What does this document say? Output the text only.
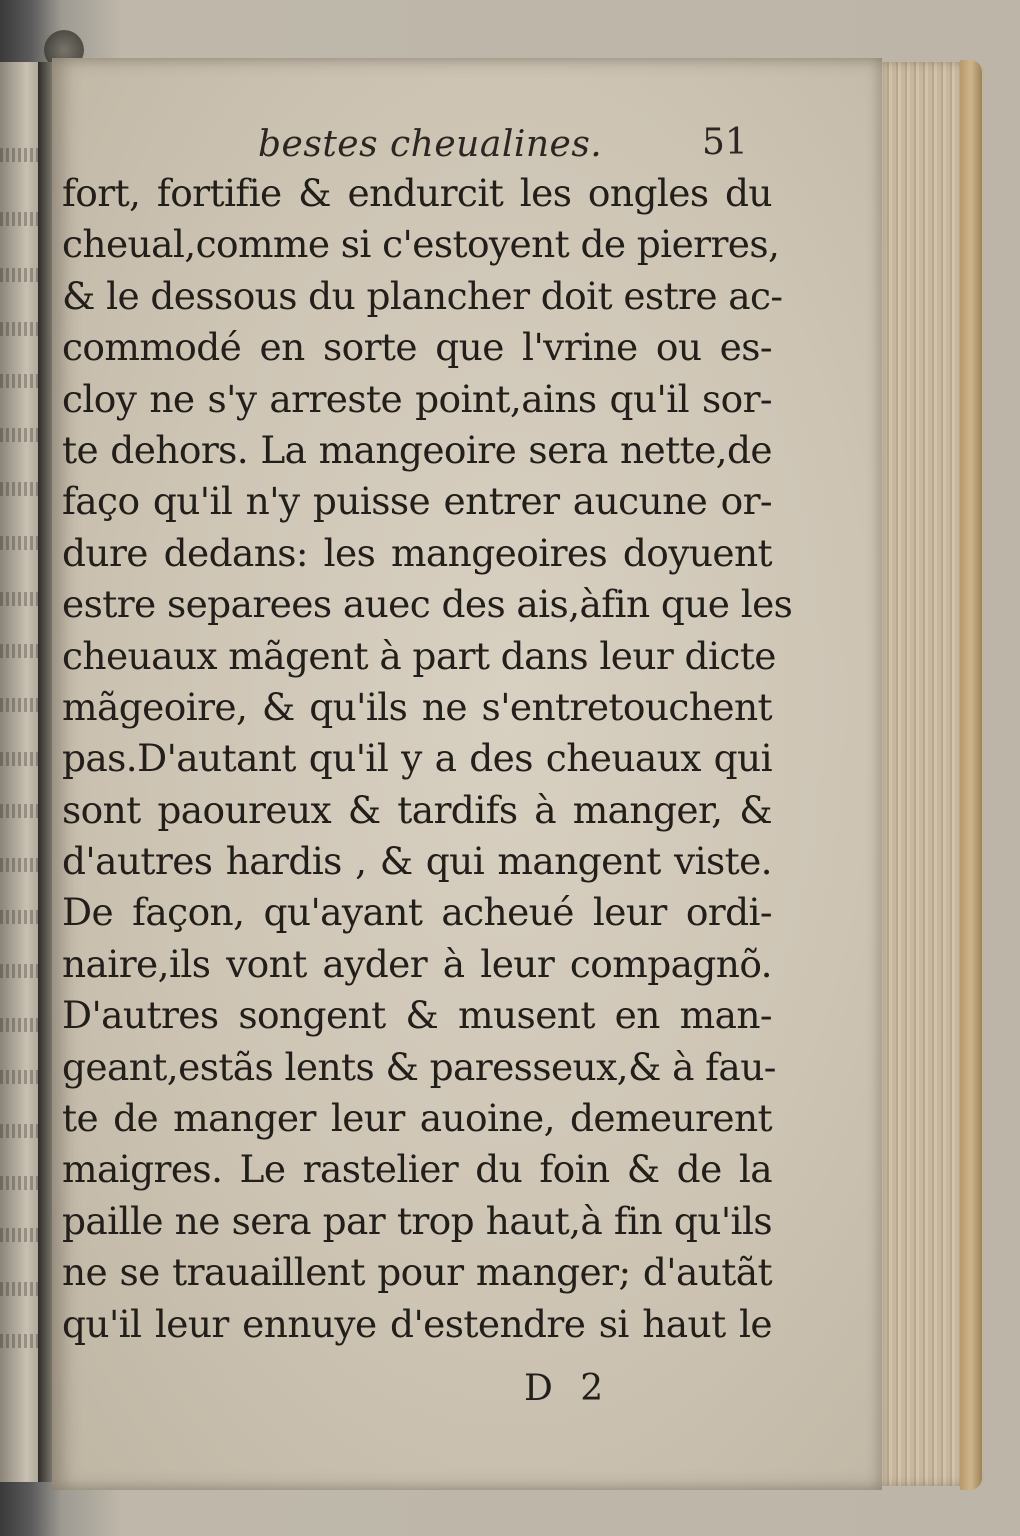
bestes cheualines.	51
fort, fortifie & endurcit les ongles du
cheual,comme si c'estoyent de pierres,
& le dessous du plancher doit estre ac-
commodé en sorte que l'vrine ou es-
cloy ne s'y arreste point,ains qu'il sor-
te dehors. La mangeoire sera nette,de
faço qu'il n'y puisse entrer aucune or-
dure dedans: les mangeoires doyuent
estre separees auec des ais,àfin que les
cheuaux mãgent à part dans leur dicte
mãgeoire, & qu'ils ne s'entretouchent
pas.D'autant qu'il y a des cheuaux qui
sont paoureux & tardifs à manger, &
d'autres hardis , & qui mangent viste.
De façon, qu'ayant acheué leur ordi-
naire,ils vont ayder à leur compagnõ.
D'autres songent & musent en man-
geant,estãs lents & paresseux,& à fau-
te de manger leur auoine, demeurent
maigres. Le rastelier du foin & de la
paille ne sera par trop haut,à fin qu'ils
ne se trauaillent pour manger; d'autãt
qu'il leur ennuye d'estendre si haut le
D 2
